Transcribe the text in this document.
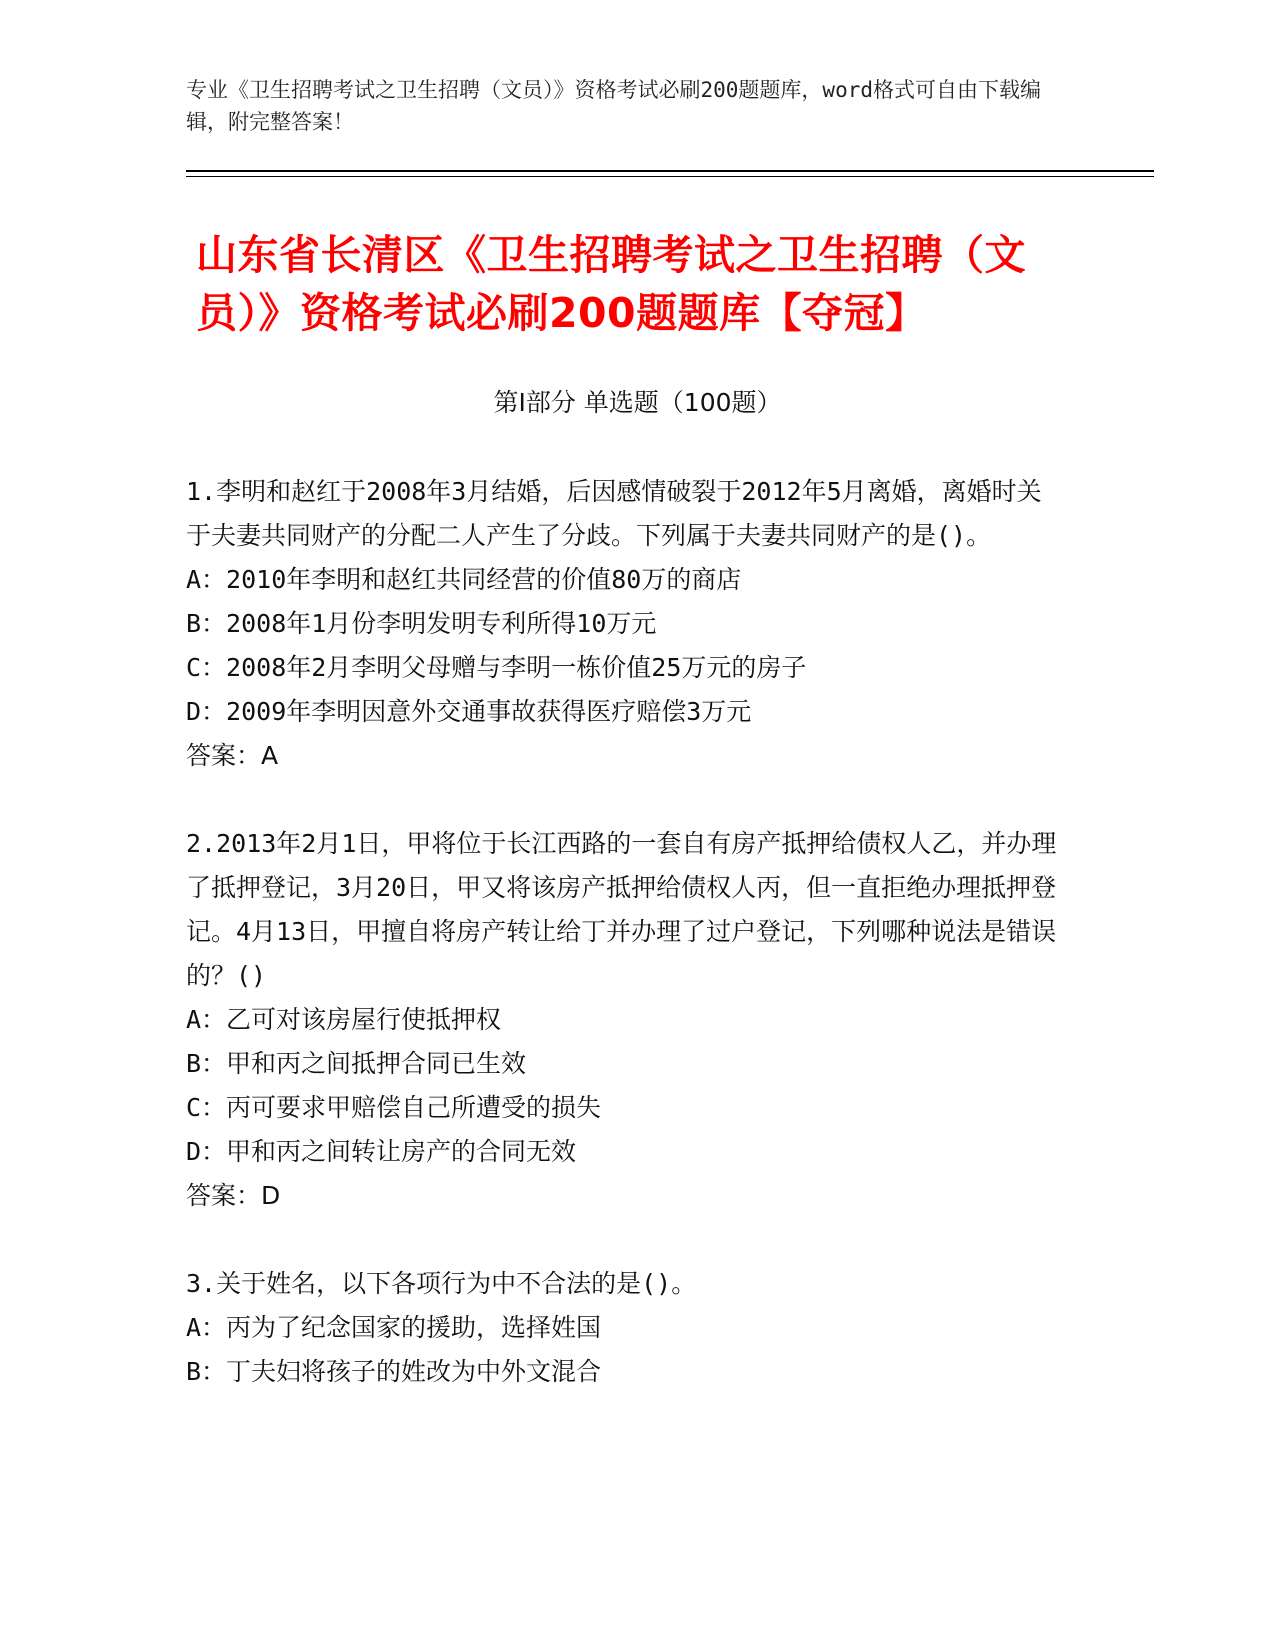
专业《卫生招聘考试之卫生招聘（文员）》资格考试必刷200题题库，word格式可自由下载编辑，附完整答案！
山东省长清区《卫生招聘考试之卫生招聘（文员）》资格考试必刷200题题库【夺冠】
第I部分 单选题（100题）

1.李明和赵红于2008年3月结婚，后因感情破裂于2012年5月离婚，离婚时关于夫妻共同财产的分配二人产生了分歧。下列属于夫妻共同财产的是()。

A：2010年李明和赵红共同经营的价值80万的商店

B：2008年1月份李明发明专利所得10万元

C：2008年2月李明父母赠与李明一栋价值25万元的房子

D：2009年李明因意外交通事故获得医疗赔偿3万元

答案：A

2.2013年2月1日，甲将位于长江西路的一套自有房产抵押给债权人乙，并办理了抵押登记，3月20日，甲又将该房产抵押给债权人丙，但一直拒绝办理抵押登记。4月13日，甲擅自将房产转让给丁并办理了过户登记，下列哪种说法是错误的？()

A：乙可对该房屋行使抵押权

B：甲和丙之间抵押合同已生效

C：丙可要求甲赔偿自己所遭受的损失

D：甲和丙之间转让房产的合同无效

答案：D

3.关于姓名，以下各项行为中不合法的是()。

A：丙为了纪念国家的援助，选择姓国

B：丁夫妇将孩子的姓改为中外文混合
